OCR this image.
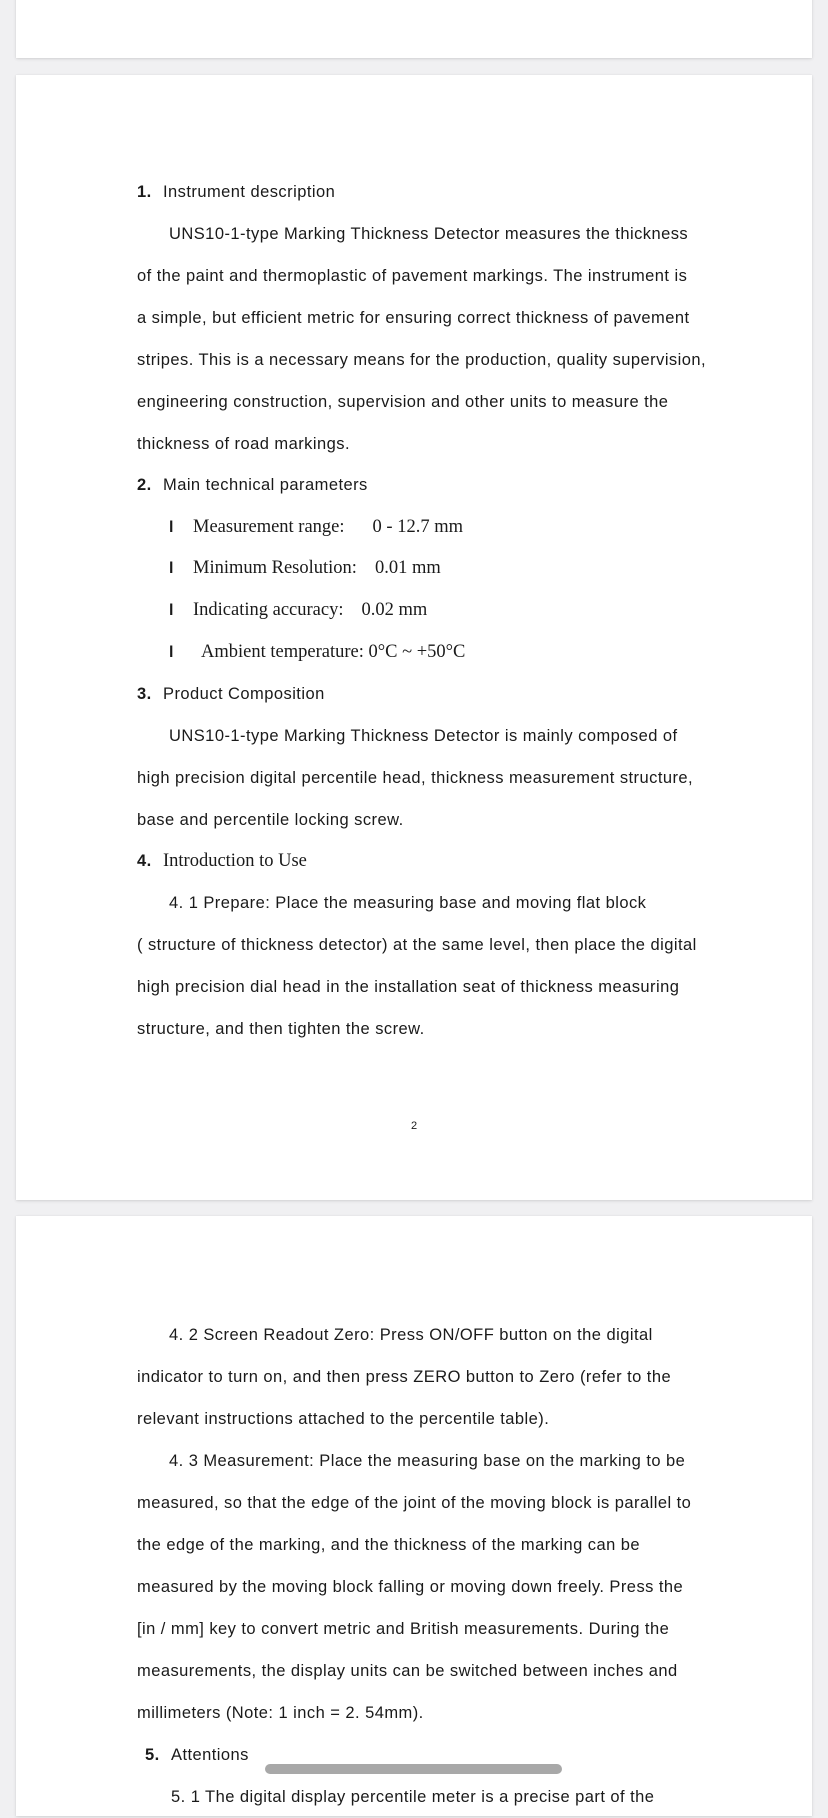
1. Instrument description

UNS10-1-type Marking Thickness Detector measures the thickness

of the paint and thermoplastic of pavement markings. The instrument is

a simple, but efficient metric for ensuring correct thickness of pavement

stripes. This is a necessary means for the production, quality supervision,

engineering construction, supervision and other units to measure the

thickness of road markings.

2. Main technical parameters

l Measurement range: 0 - 12.7 mm

l Minimum Resolution: 0.01 mm

l Indicating accuracy: 0.02 mm

l Ambient temperature: 0°C ~ +50°C

3. Product Composition

UNS10-1-type Marking Thickness Detector is mainly composed of

high precision digital percentile head, thickness measurement structure,

base and percentile locking screw.

4. Introduction to Use

4. 1 Prepare: Place the measuring base and moving flat block

( structure of thickness detector) at the same level, then place the digital

high precision dial head in the installation seat of thickness measuring

structure, and then tighten the screw.

2

4. 2 Screen Readout Zero: Press ON/OFF button on the digital

indicator to turn on, and then press ZERO button to Zero (refer to the

relevant instructions attached to the percentile table).

4. 3 Measurement: Place the measuring base on the marking to be

measured, so that the edge of the joint of the moving block is parallel to

the edge of the marking, and the thickness of the marking can be

measured by the moving block falling or moving down freely. Press the

[in / mm] key to convert metric and British measurements. During the

measurements, the display units can be switched between inches and

millimeters (Note: 1 inch = 2. 54mm).

5. Attentions

5. 1 The digital display percentile meter is a precise part of the
